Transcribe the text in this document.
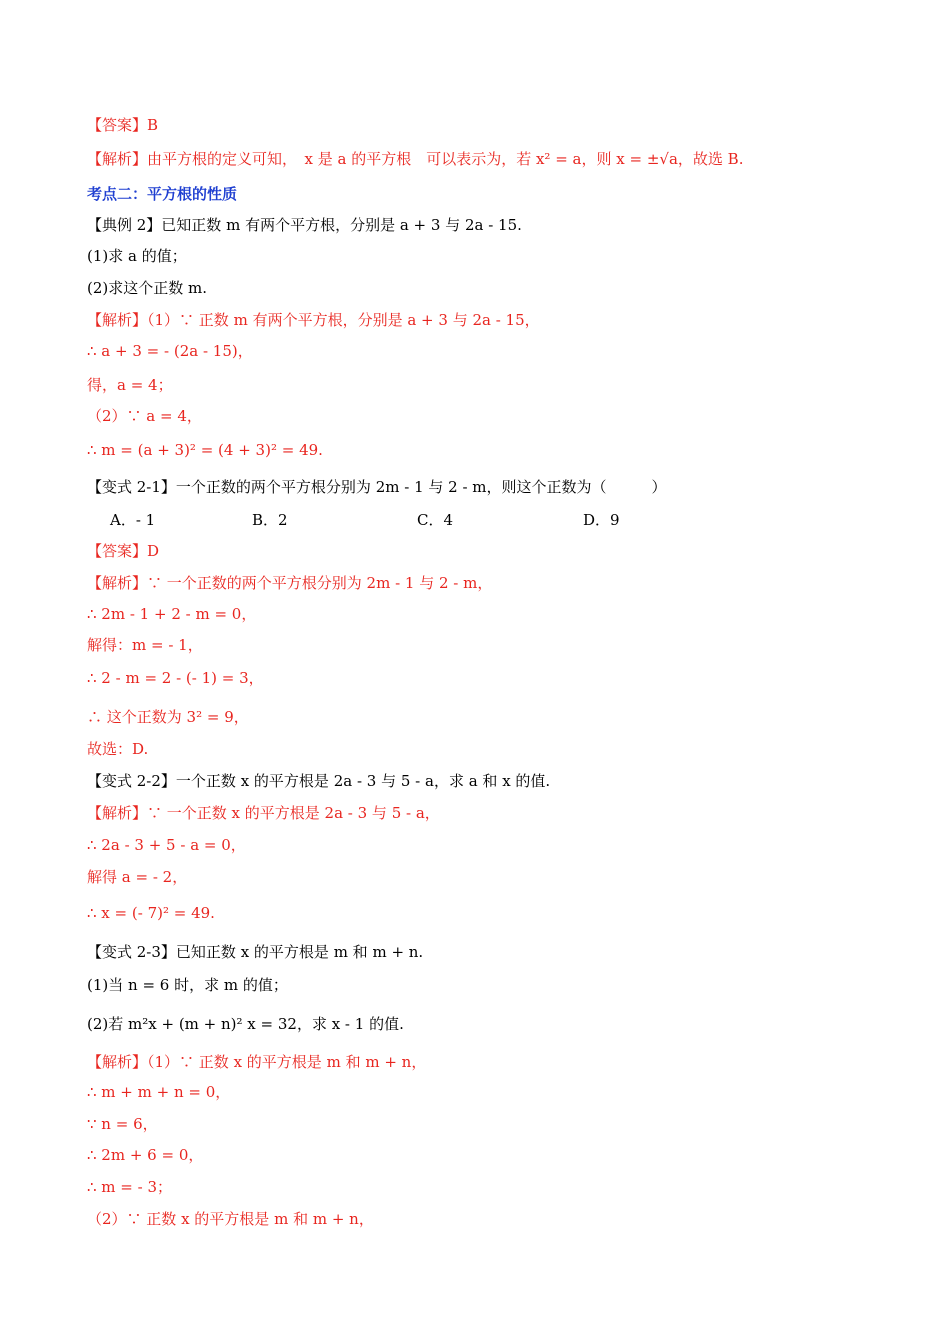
【答案】B
【解析】由平方根的定义可知，　x 是 a 的平方根　可以表示为，若 x² = a，则 x = ±√a，故选 B.
考点二：平方根的性质
【典例 2】已知正数 m 有两个平方根，分别是 a + 3 与 2a - 15.
(1)求 a 的值；
(2)求这个正数 m.
【解析】（1）∵ 正数 m 有两个平方根，分别是 a + 3 与 2a - 15，
∴ a + 3 = - (2a - 15)，
得，a = 4；
（2）∵ a = 4，
∴ m = (a + 3)² = (4 + 3)² = 49.
【变式 2-1】一个正数的两个平方根分别为 2m - 1 与 2 - m，则这个正数为（　　　）
A．- 1	B．2	C．4	D．9
【答案】D
【解析】∵ 一个正数的两个平方根分别为 2m - 1 与 2 - m，
∴ 2m - 1 + 2 - m = 0，
解得：m = - 1，
∴ 2 - m = 2 - (- 1) = 3，
∴ 这个正数为 3² = 9，
故选：D.
【变式 2-2】一个正数 x 的平方根是 2a - 3 与 5 - a，求 a 和 x 的值.
【解析】∵ 一个正数 x 的平方根是 2a - 3 与 5 - a，
∴ 2a - 3 + 5 - a = 0，
解得 a = - 2，
∴ x = (- 7)² = 49.
【变式 2-3】已知正数 x 的平方根是 m 和 m + n.
(1)当 n = 6 时，求 m 的值；
(2)若 m²x + (m + n)² x = 32，求 x - 1 的值.
【解析】（1）∵ 正数 x 的平方根是 m 和 m + n，
∴ m + m + n = 0，
∵ n = 6，
∴ 2m + 6 = 0，
∴ m = - 3；
（2）∵ 正数 x 的平方根是 m 和 m + n，
